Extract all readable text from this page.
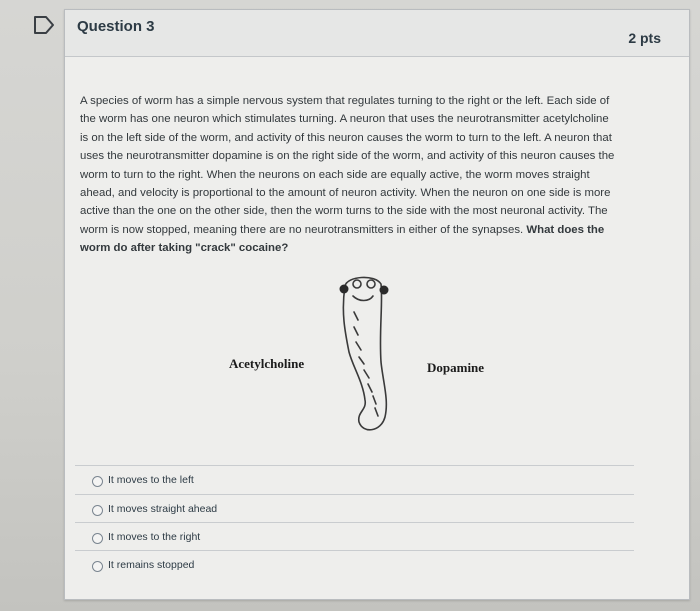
Question 3
2 pts
A species of worm has a simple nervous system that regulates turning to the right or the left. Each side of
the worm has one neuron which stimulates turning. A neuron that uses the neurotransmitter acetylcholine
is on the left side of the worm, and activity of this neuron causes the worm to turn to the left. A neuron that
uses the neurotransmitter dopamine is on the right side of the worm, and activity of this neuron causes the
worm to turn to the right. When the neurons on each side are equally active, the worm moves straight
ahead, and velocity is proportional to the amount of neuron activity. When the neuron on one side is more
active than the one on the other side, then the worm turns to the side with the most neuronal activity. The
worm is now stopped, meaning there are no neurotransmitters in either of the synapses. What does the
worm do after taking "crack" cocaine?
Acetylcholine	Dopamine
It moves to the left
It moves straight ahead
It moves to the right
It remains stopped
